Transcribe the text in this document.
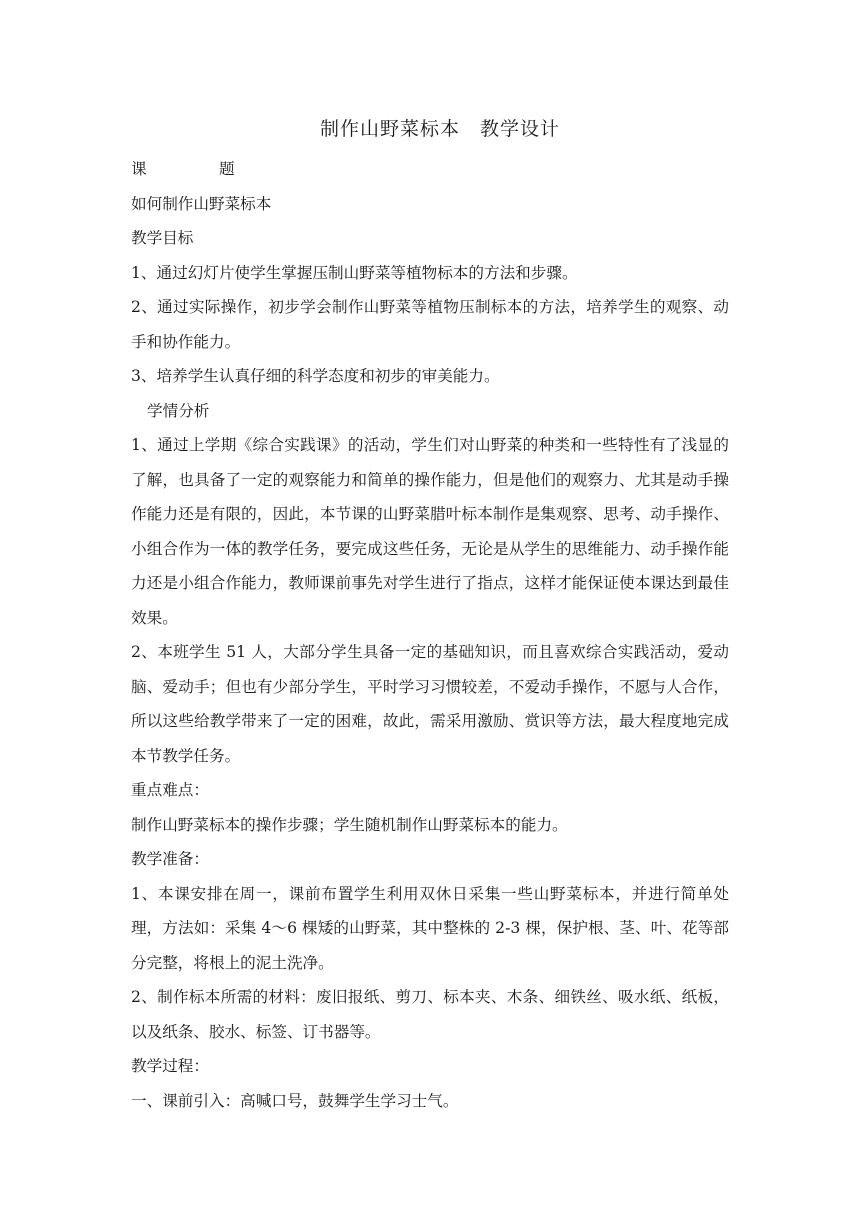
制作山野菜标本　教学设计

课	题

如何制作山野菜标本

教学目标

1、通过幻灯片使学生掌握压制山野菜等植物标本的方法和步骤。

2、通过实际操作，初步学会制作山野菜等植物压制标本的方法，培养学生的观察、动手和协作能力。

3、培养学生认真仔细的科学态度和初步的审美能力。

学情分析

1、通过上学期《综合实践课》的活动，学生们对山野菜的种类和一些特性有了浅显的了解，也具备了一定的观察能力和简单的操作能力，但是他们的观察力、尤其是动手操作能力还是有限的，因此，本节课的山野菜腊叶标本制作是集观察、思考、动手操作、小组合作为一体的教学任务，要完成这些任务，无论是从学生的思维能力、动手操作能力还是小组合作能力，教师课前事先对学生进行了指点，这样才能保证使本课达到最佳效果。

2、本班学生 51 人，大部分学生具备一定的基础知识，而且喜欢综合实践活动，爱动脑、爱动手；但也有少部分学生，平时学习习惯较差，不爱动手操作，不愿与人合作，所以这些给教学带来了一定的困难，故此，需采用激励、赏识等方法，最大程度地完成本节教学任务。

重点难点：

制作山野菜标本的操作步骤；学生随机制作山野菜标本的能力。

教学准备：

1、本课安排在周一，课前布置学生利用双休日采集一些山野菜标本，并进行简单处理，方法如：采集 4～6 棵矮的山野菜，其中整株的 2-3 棵，保护根、茎、叶、花等部分完整，将根上的泥土洗净。

2、制作标本所需的材料：废旧报纸、剪刀、标本夹、木条、细铁丝、吸水纸、纸板，以及纸条、胶水、标签、订书器等。

教学过程：

一、课前引入：高喊口号，鼓舞学生学习士气。
